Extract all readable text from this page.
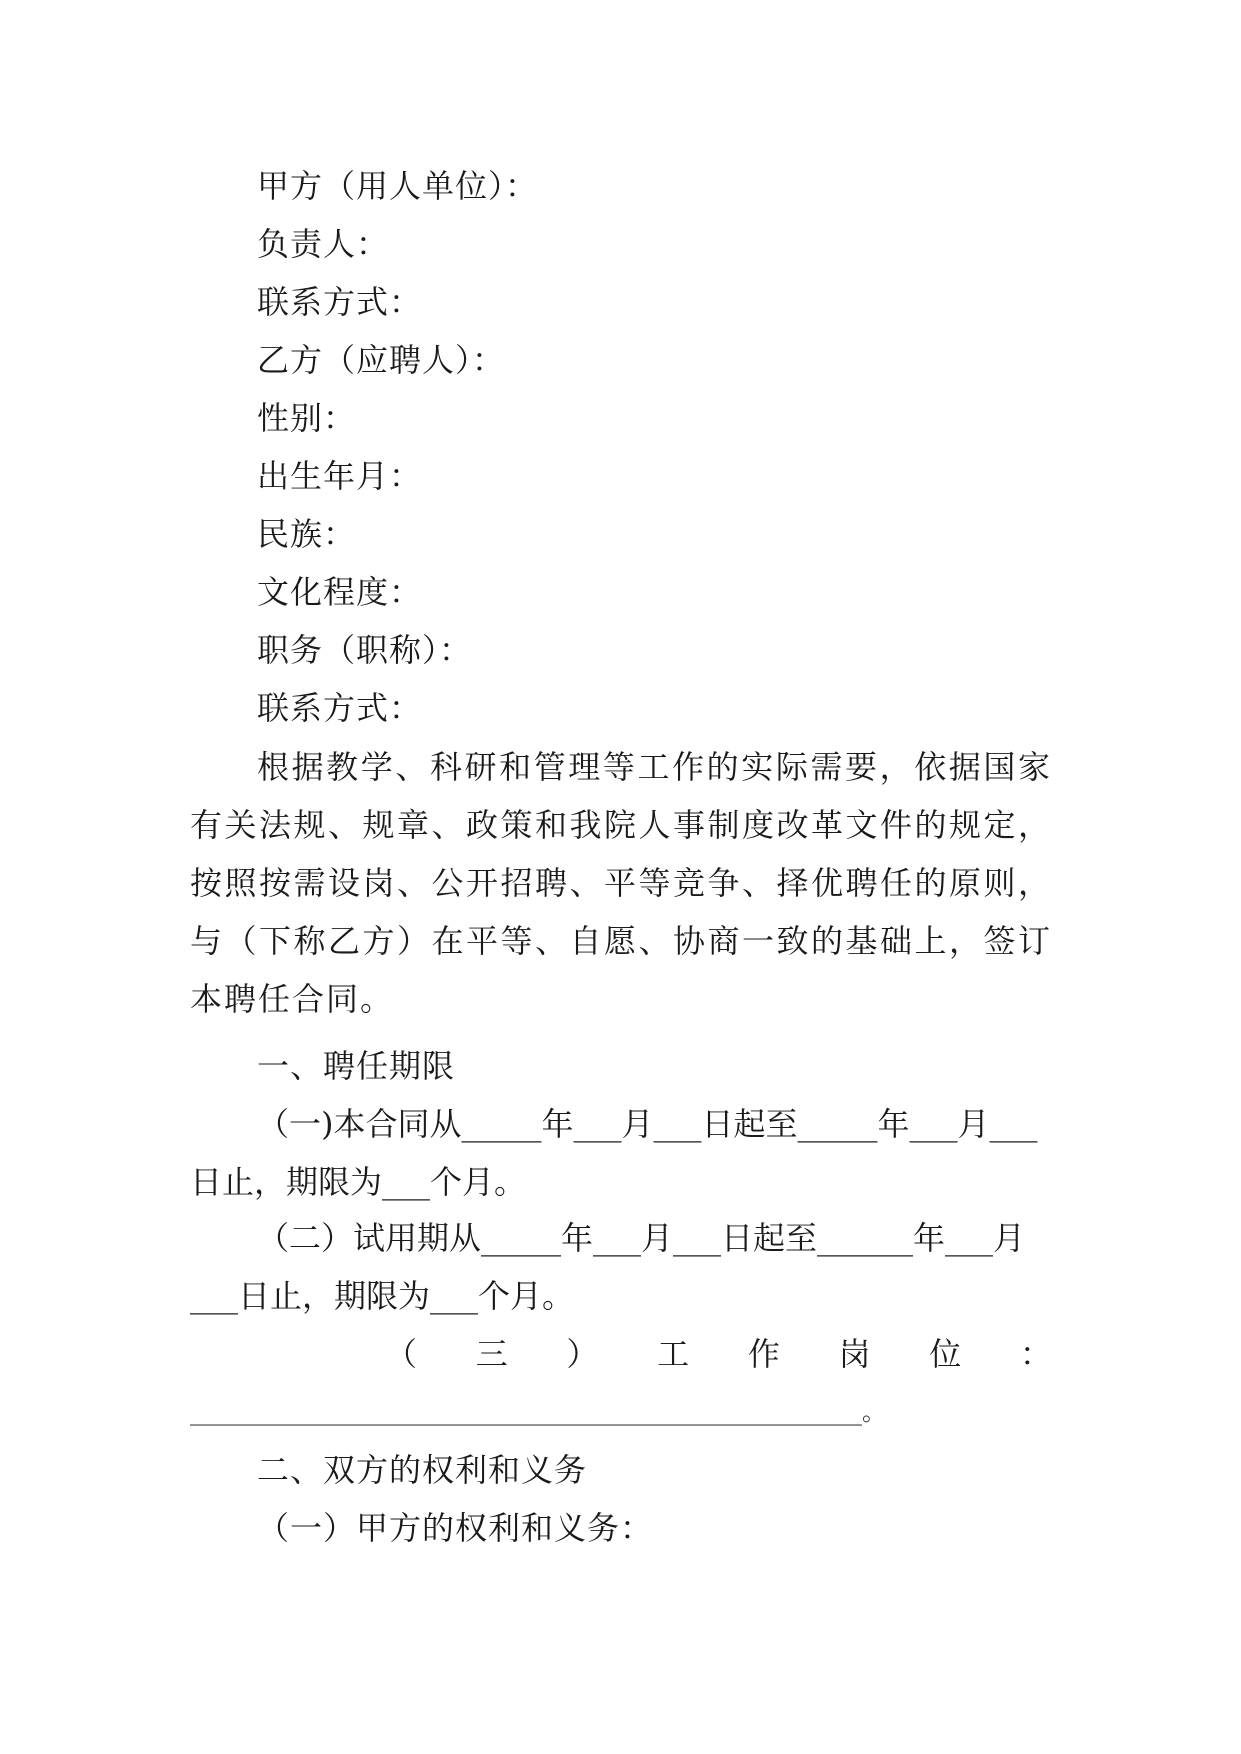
甲方（用人单位）：
负责人：
联系方式：
乙方（应聘人）：
性别：
出生年月：
民族：
文化程度：
职务（职称）：
联系方式：
根据教学、科研和管理等工作的实际需要，依据国家有关法规、规章、政策和我院人事制度改革文件的规定，按照按需设岗、公开招聘、平等竞争、择优聘任的原则，与（下称乙方）在平等、自愿、协商一致的基础上，签订本聘任合同。
一、聘任期限
（一)本合同从_____年___月___日起至_____年___月___
日止，期限为___个月。
（二）试用期从_____年___月___日起至______年___月
___日止，期限为___个月。
（ 三 ） 工 作 岗 位 ：
________________________________________________________。
二、双方的权利和义务
（一）甲方的权利和义务：
